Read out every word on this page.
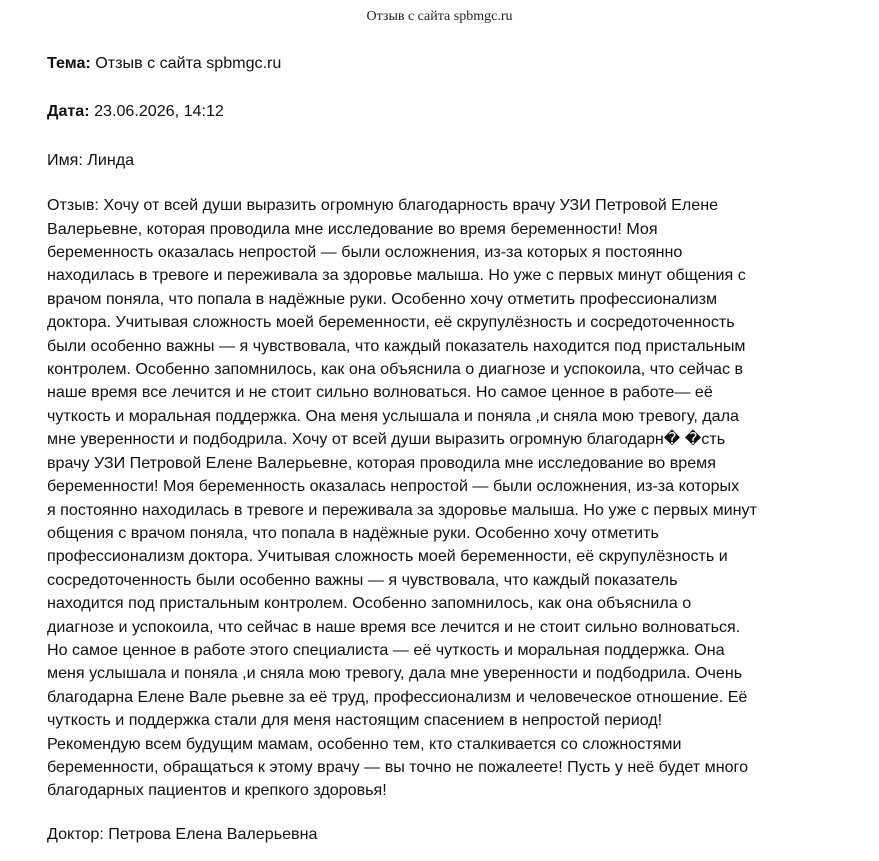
Отзыв с сайта spbmgc.ru
Тема: Отзыв с сайта spbmgc.ru
Дата: 23.06.2026, 14:12
Имя: Линда
Отзыв: Хочу от всей души выразить огромную благодарность врачу УЗИ Петровой Елене
Валерьевне, которая проводила мне исследование во время беременности! Моя
беременность оказалась непростой — были осложнения, из-за которых я постоянно
находилась в тревоге и переживала за здоровье малыша. Но уже с первых минут общения с
врачом поняла, что попала в надёжные руки. Особенно хочу отметить профессионализм
доктора. Учитывая сложность моей беременности, её скрупулёзность и сосредоточенность
были особенно важны — я чувствовала, что каждый показатель находится под пристальным
контролем. Особенно запомнилось, как она объяснила о диагнозе и успокоила, что сейчас в
наше время все лечится и не стоит сильно волноваться. Но самое ценное в работе— её
чуткость и моральная поддержка. Она меня услышала и поняла ,и сняла мою тревогу, дала
мне уверенности и подбодрила. Хочу от всей души выразить огромную благодарн� �сть
врачу УЗИ Петровой Елене Валерьевне, которая проводила мне исследование во время
беременности! Моя беременность оказалась непростой — были осложнения, из-за которых
я постоянно находилась в тревоге и переживала за здоровье малыша. Но уже с первых минут
общения с врачом поняла, что попала в надёжные руки. Особенно хочу отметить
профессионализм доктора. Учитывая сложность моей беременности, её скрупулёзность и
сосредоточенность были особенно важны — я чувствовала, что каждый показатель
находится под пристальным контролем. Особенно запомнилось, как она объяснила о
диагнозе и успокоила, что сейчас в наше время все лечится и не стоит сильно волноваться.
Но самое ценное в работе этого специалиста — её чуткость и моральная поддержка. Она
меня услышала и поняла ,и сняла мою тревогу, дала мне уверенности и подбодрила. Очень
благодарна Елене Вале рьевне за её труд, профессионализм и человеческое отношение. Её
чуткость и поддержка стали для меня настоящим спасением в непростой период!
Рекомендую всем будущим мамам, особенно тем, кто сталкивается со сложностями
беременности, обращаться к этому врачу — вы точно не пожалеете! Пусть у неё будет много
благодарных пациентов и крепкого здоровья!
Доктор: Петрова Елена Валерьевна
